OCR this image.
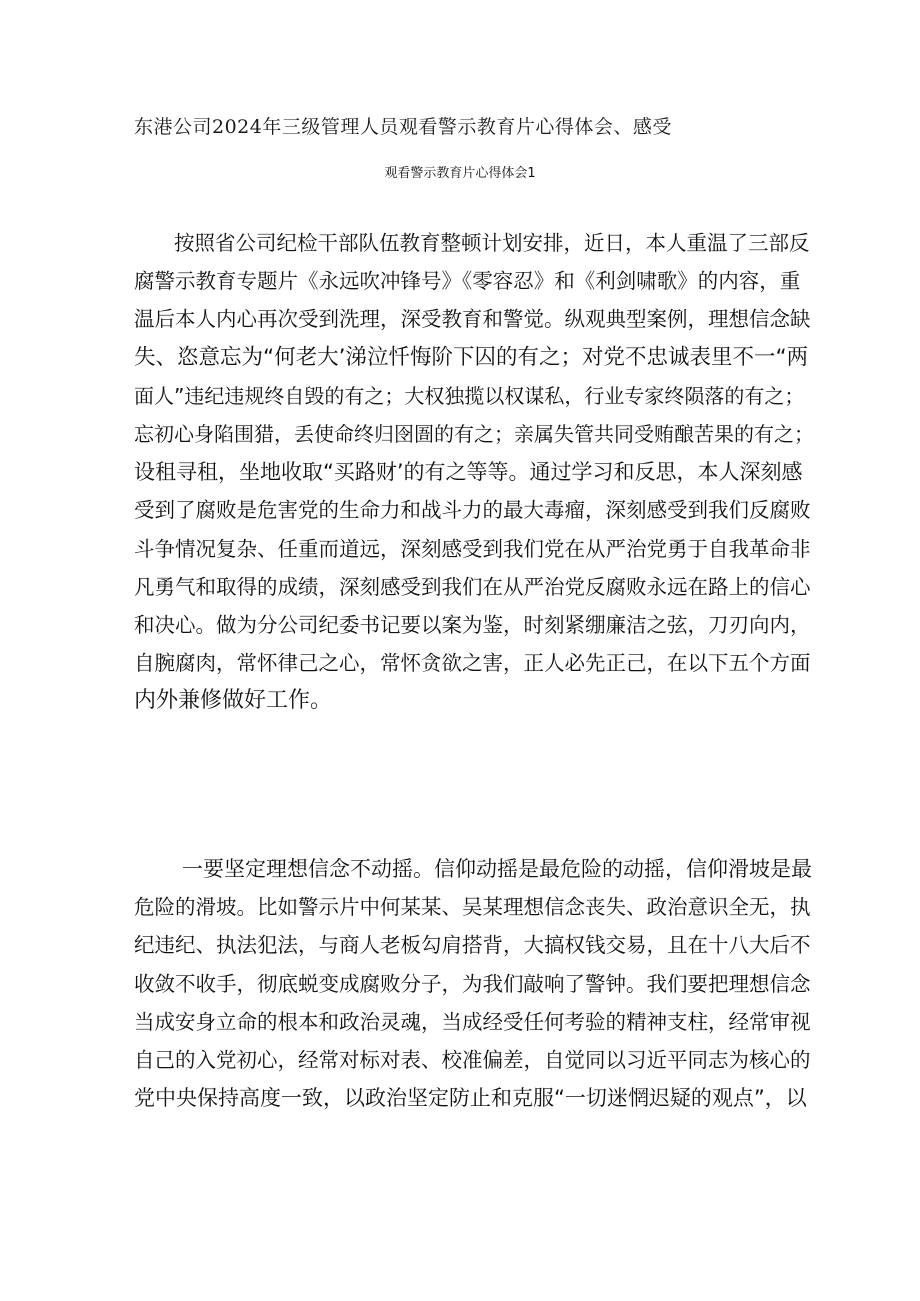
东港公司2024年三级管理人员观看警示教育片心得体会、感受
观看警示教育片心得体会1
按照省公司纪检干部队伍教育整顿计划安排，近日，本人重温了三部反
腐警示教育专题片《永远吹冲锋号》《零容忍》和《利剑啸歌》的内容，重
温后本人内心再次受到洗理，深受教育和警觉。纵观典型案例，理想信念缺
失、恣意忘为“何老大’涕泣忏悔阶下囚的有之；对党不忠诚表里不一“两
面人”违纪违规终自毁的有之；大权独揽以权谋私，行业专家终陨落的有之；
忘初心身陷围猎，丢使命终归囹圄的有之；亲属失管共同受贿酿苦果的有之；
设租寻租，坐地收取“买路财’的有之等等。通过学习和反思，本人深刻感
受到了腐败是危害党的生命力和战斗力的最大毒瘤，深刻感受到我们反腐败
斗争情况复杂、任重而道远，深刻感受到我们党在从严治党勇于自我革命非
凡勇气和取得的成绩，深刻感受到我们在从严治党反腐败永远在路上的信心
和决心。做为分公司纪委书记要以案为鉴，时刻紧绷廉洁之弦，刀刃向内，
自腕腐肉，常怀律己之心，常怀贪欲之害，正人必先正己，在以下五个方面
内外兼修做好工作。
一要坚定理想信念不动摇。信仰动摇是最危险的动摇，信仰滑坡是最
危险的滑坡。比如警示片中何某某、吴某理想信念丧失、政治意识全无，执
纪违纪、执法犯法，与商人老板勾肩搭背，大搞权钱交易，且在十八大后不
收敛不收手，彻底蜕变成腐败分子，为我们敲响了警钟。我们要把理想信念
当成安身立命的根本和政治灵魂，当成经受任何考验的精神支柱，经常审视
自己的入党初心，经常对标对表、校准偏差，自觉同以习近平同志为核心的
党中央保持高度一致，以政治坚定防止和克服“一切迷惘迟疑的观点”，以
